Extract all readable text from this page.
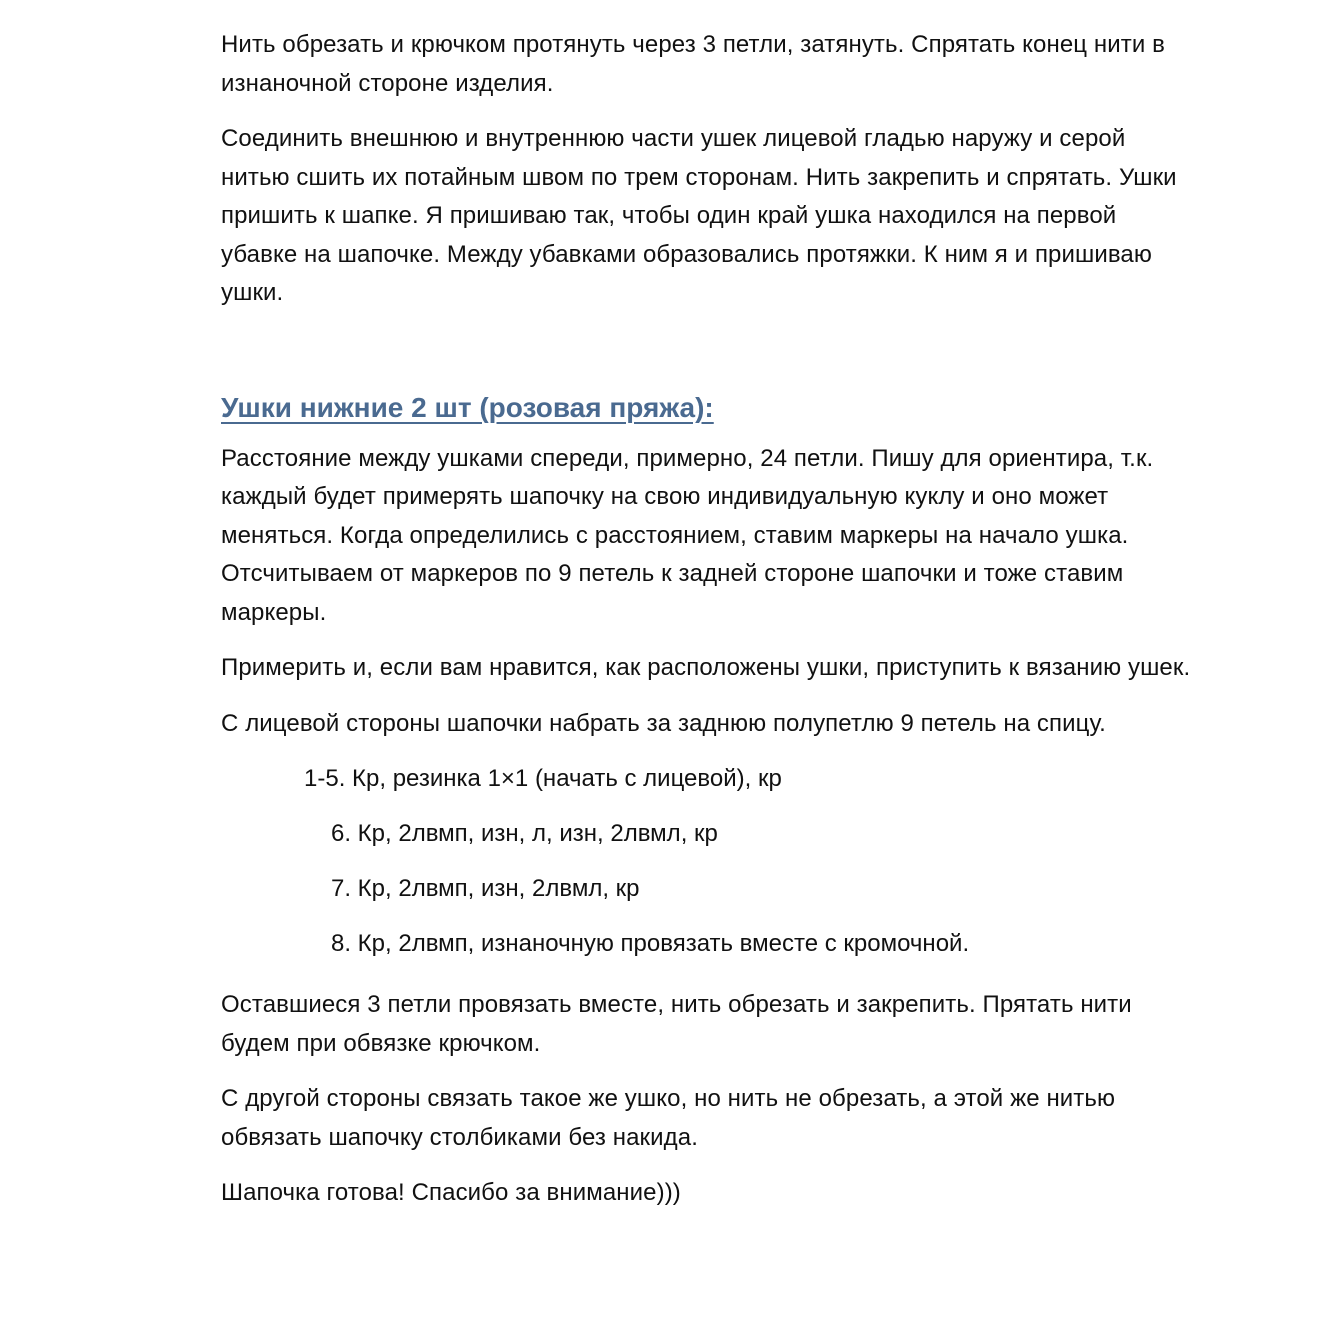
Нить обрезать и крючком протянуть через 3 петли, затянуть. Спрятать конец нити в изнаночной стороне изделия.

Соединить внешнюю и внутреннюю части ушек лицевой гладью наружу и серой нитью сшить их потайным швом по трем сторонам. Нить закрепить и спрятать. Ушки пришить к шапке. Я пришиваю так, чтобы один край ушка находился на первой убавке на шапочке. Между убавками образовались протяжки. К ним я и пришиваю ушки.

Ушки нижние 2 шт (розовая пряжа):

Расстояние между ушками спереди, примерно, 24 петли. Пишу для ориентира, т.к. каждый будет примерять шапочку на свою индивидуальную куклу и оно может меняться. Когда определились с расстоянием, ставим маркеры на начало ушка. Отсчитываем от маркеров по 9 петель к задней стороне шапочки и тоже ставим маркеры.

Примерить и, если вам нравится, как расположены ушки, приступить к вязанию ушек.

С лицевой стороны шапочки набрать за заднюю полупетлю 9 петель на спицу.

1-5. Кр, резинка 1×1 (начать с лицевой), кр

6. Кр, 2лвмп, изн, л, изн, 2лвмл, кр

7. Кр, 2лвмп, изн, 2лвмл, кр

8. Кр, 2лвмп, изнаночную провязать вместе с кромочной.

Оставшиеся 3 петли провязать вместе, нить обрезать и закрепить. Прятать нити будем при обвязке крючком.

С другой стороны связать такое же ушко, но нить не обрезать, а этой же нитью обвязать шапочку столбиками без накида.

Шапочка готова! Спасибо за внимание)))
